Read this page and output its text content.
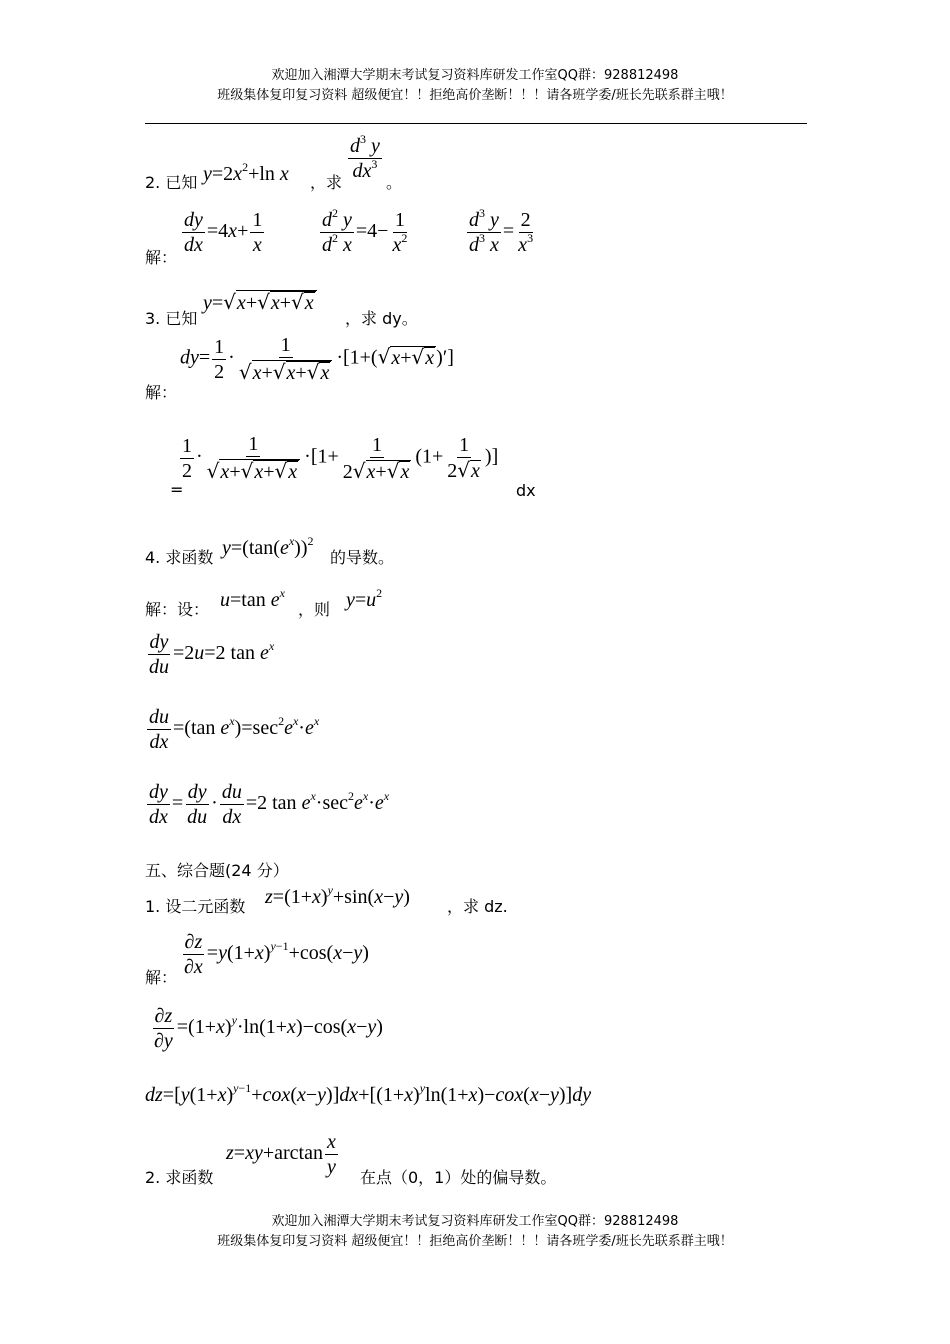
欢迎加入湘潭大学期末考试复习资料库研发工作室QQ群：928812498
班级集体复印复习资料 超级便宜！！拒绝高价垄断！！！请各班学委/班长先联系群主哦！
2. 已知 $y=2x^2+\ln$ x ，求
$\frac{d^3 y}{dx^3}$
。
解：
$\frac{dy}{dx} =4x+ \frac{1}{x}$	$\frac{d^2 y}{d^2 x} =4- \frac{1}{x^2}$	$\frac{d^3 y}{d^3 x} = \frac{2}{x^3}$
3. 已知
y=√x+√x+√x
，求 dy。
解：
$dy= \frac{1}{2} \cdot \frac{1}{√x+√x+√x} \cdot[1+(√x+√x$ )′]
=
$\frac{1}{2} \cdot \frac{1}{√x+√x+√x} \cdot[1+ \frac{1}{2√x+√x} (1+ \frac{1}{2√x}$ )]
dx
4. 求函数 $y=(\tan(e^x))^2$
的导数。
解：设： u=tan $e^x$
，则 $y=u^2$
$\frac{dy}{du} =2u=2$ $\tan e^x$
$\frac{du}{dx} =(\tan$ $e^x)=\sec^2e^x\cdot e^x$
$\frac{dy}{dx} = \frac{dy}{du} \cdot \frac{du}{dx} =2$ $\tan e^x\cdot\sec^2e^x\cdot e^x$
五、综合题(24 分）
1. 设二元函数 $z=(1+x)^y+\sin(x-y)$ ，求 dz.
解：
$\frac{\partial z}{\partial x} =y(1+x)^{y-1}+\cos(x-y)$
$\frac{\partial z}{\partial y} =(1+x)^y\cdot\ln(1+x)-\cos(x-y)$
$dz=[y(1+x)^{y-1}+cox(x-y)]dx+[(1+x)^y\ln(1+x)-cox(x-y)]dy$
2. 求函数
$z=xy+\arctan \frac{x}{y}$
在点（0，1）处的偏导数。
欢迎加入湘潭大学期末考试复习资料库研发工作室QQ群：928812498
班级集体复印复习资料 超级便宜！！拒绝高价垄断！！！请各班学委/班长先联系群主哦！
